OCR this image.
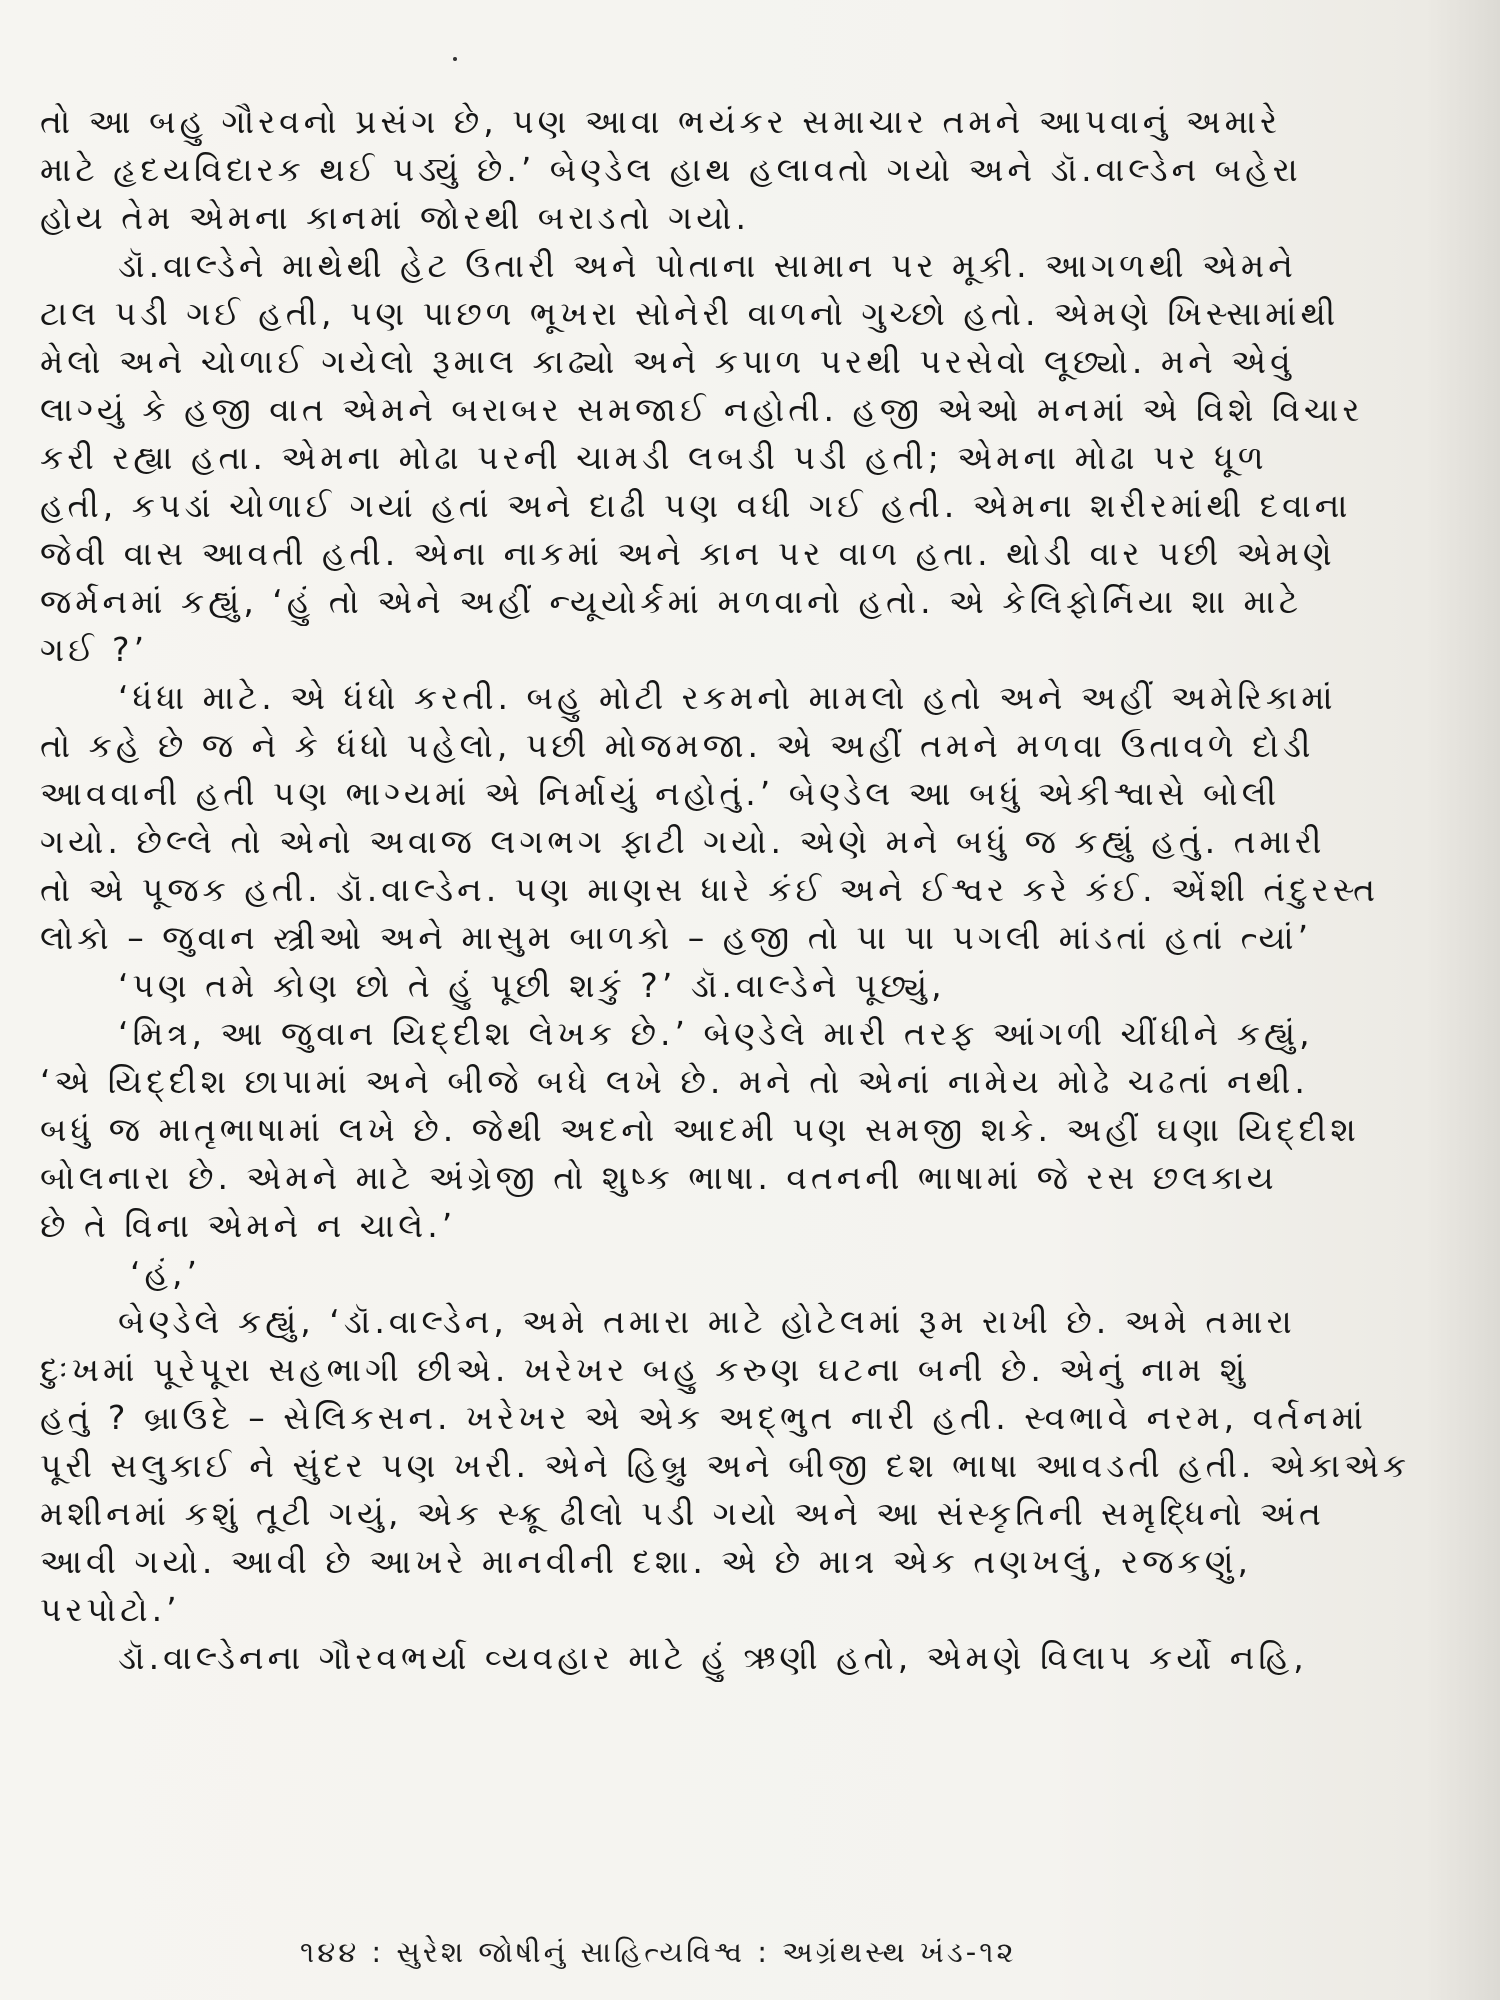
તો આ બહુ ગૌરવનો પ્રસંગ છે, પણ આવા ભયંકર સમાચાર તમને આપવાનું અમારે
માટે હૃદયવિદારક થઈ પડ્યું છે.’ બેણ્ડેલ હાથ હલાવતો ગયો અને ડૉ.વાલ્ડેન બહેરા
હોય તેમ એમના કાનમાં જોરથી બરાડતો ગયો.
ડૉ.વાલ્ડેને માથેથી હેટ ઉતારી અને પોતાના સામાન પર મૂકી. આગળથી એમને
ટાલ પડી ગઈ હતી, પણ પાછળ ભૂખરા સોનેરી વાળનો ગુચ્છો હતો. એમણે ખિસ્સામાંથી
મેલો અને ચોળાઈ ગયેલો રૂમાલ કાઢ્યો અને કપાળ પરથી પરસેવો લૂછ્યો. મને એવું
લાગ્યું કે હજી વાત એમને બરાબર સમજાઈ નહોતી. હજી એઓ મનમાં એ વિશે વિચાર
કરી રહ્યા હતા. એમના મોઢા પરની ચામડી લબડી પડી હતી; એમના મોઢા પર ધૂળ
હતી, કપડાં ચોળાઈ ગયાં હતાં અને દાઢી પણ વધી ગઈ હતી. એમના શરીરમાંથી દવાના
જેવી વાસ આવતી હતી. એના નાકમાં અને કાન પર વાળ હતા. થોડી વાર પછી એમણે
જર્મનમાં કહ્યું, ‘હું તો એને અહીં ન્યૂયોર્કમાં મળવાનો હતો. એ કેલિફોર્નિયા શા માટે
ગઈ ?’
‘ધંધા માટે. એ ધંધો કરતી. બહુ મોટી રકમનો મામલો હતો અને અહીં અમેરિકામાં
તો કહે છે જ ને કે ધંધો પહેલો, પછી મોજમજા. એ અહીં તમને મળવા ઉતાવળે દોડી
આવવાની હતી પણ ભાગ્યમાં એ નિર્માયું નહોતું.’ બેણ્ડેલ આ બધું એકીશ્વાસે બોલી
ગયો. છેલ્લે તો એનો અવાજ લગભગ ફાટી ગયો. એણે મને બધું જ કહ્યું હતું. તમારી
તો એ પૂજક હતી. ડૉ.વાલ્ડેન. પણ માણસ ધારે કંઈ અને ઈશ્વર કરે કંઈ. એંશી તંદુરસ્ત
લોકો – જુવાન સ્ત્રીઓ અને માસુમ બાળકો – હજી તો પા પા પગલી માંડતાં હતાં ત્યાં’
‘પણ તમે કોણ છો તે હું પૂછી શકું ?’ ડૉ.વાલ્ડેને પૂછ્યું,
‘મિત્ર, આ જુવાન યિદ્દીશ લેખક છે.’ બેણ્ડેલે મારી તરફ આંગળી ચીંધીને કહ્યું,
‘એ યિદ્દીશ છાપામાં અને બીજે બધે લખે છે. મને તો એનાં નામેય મોઢે ચઢતાં નથી.
બધું જ માતૃભાષામાં લખે છે. જેથી અદનો આદમી પણ સમજી શકે. અહીં ઘણા યિદ્દીશ
બોલનારા છે. એમને માટે અંગ્રેજી તો શુષ્ક ભાષા. વતનની ભાષામાં જે રસ છલકાય
છે તે વિના એમને ન ચાલે.’
‘હં,’
બેણ્ડેલે કહ્યું, ‘ડૉ.વાલ્ડેન, અમે તમારા માટે હોટેલમાં રૂમ રાખી છે. અમે તમારા
દુઃખમાં પૂરેપૂરા સહભાગી છીએ. ખરેખર બહુ કરુણ ઘટના બની છે. એનું નામ શું
હતું ? બ્રાઉદે – સેલિકસન. ખરેખર એ એક અદ્ભુત નારી હતી. સ્વભાવે નરમ, વર્તનમાં
પૂરી સલુકાઈ ને સુંદર પણ ખરી. એને હિબ્રુ અને બીજી દશ ભાષા આવડતી હતી. એકાએક
મશીનમાં કશું તૂટી ગયું, એક સ્ક્રૂ ઢીલો પડી ગયો અને આ સંસ્કૃતિની સમૃદ્ધિનો અંત
આવી ગયો. આવી છે આખરે માનવીની દશા. એ છે માત્ર એક તણખલું, રજકણું,
પરપોટો.’
ડૉ.વાલ્ડેનના ગૌરવભર્યા વ્યવહાર માટે હું ઋણી હતો, એમણે વિલાપ કર્યો નહિ,
૧૪૪ : સુરેશ જોષીનું સાહિત્યવિશ્વ : અગ્રંથસ્થ ખંડ-૧૨
